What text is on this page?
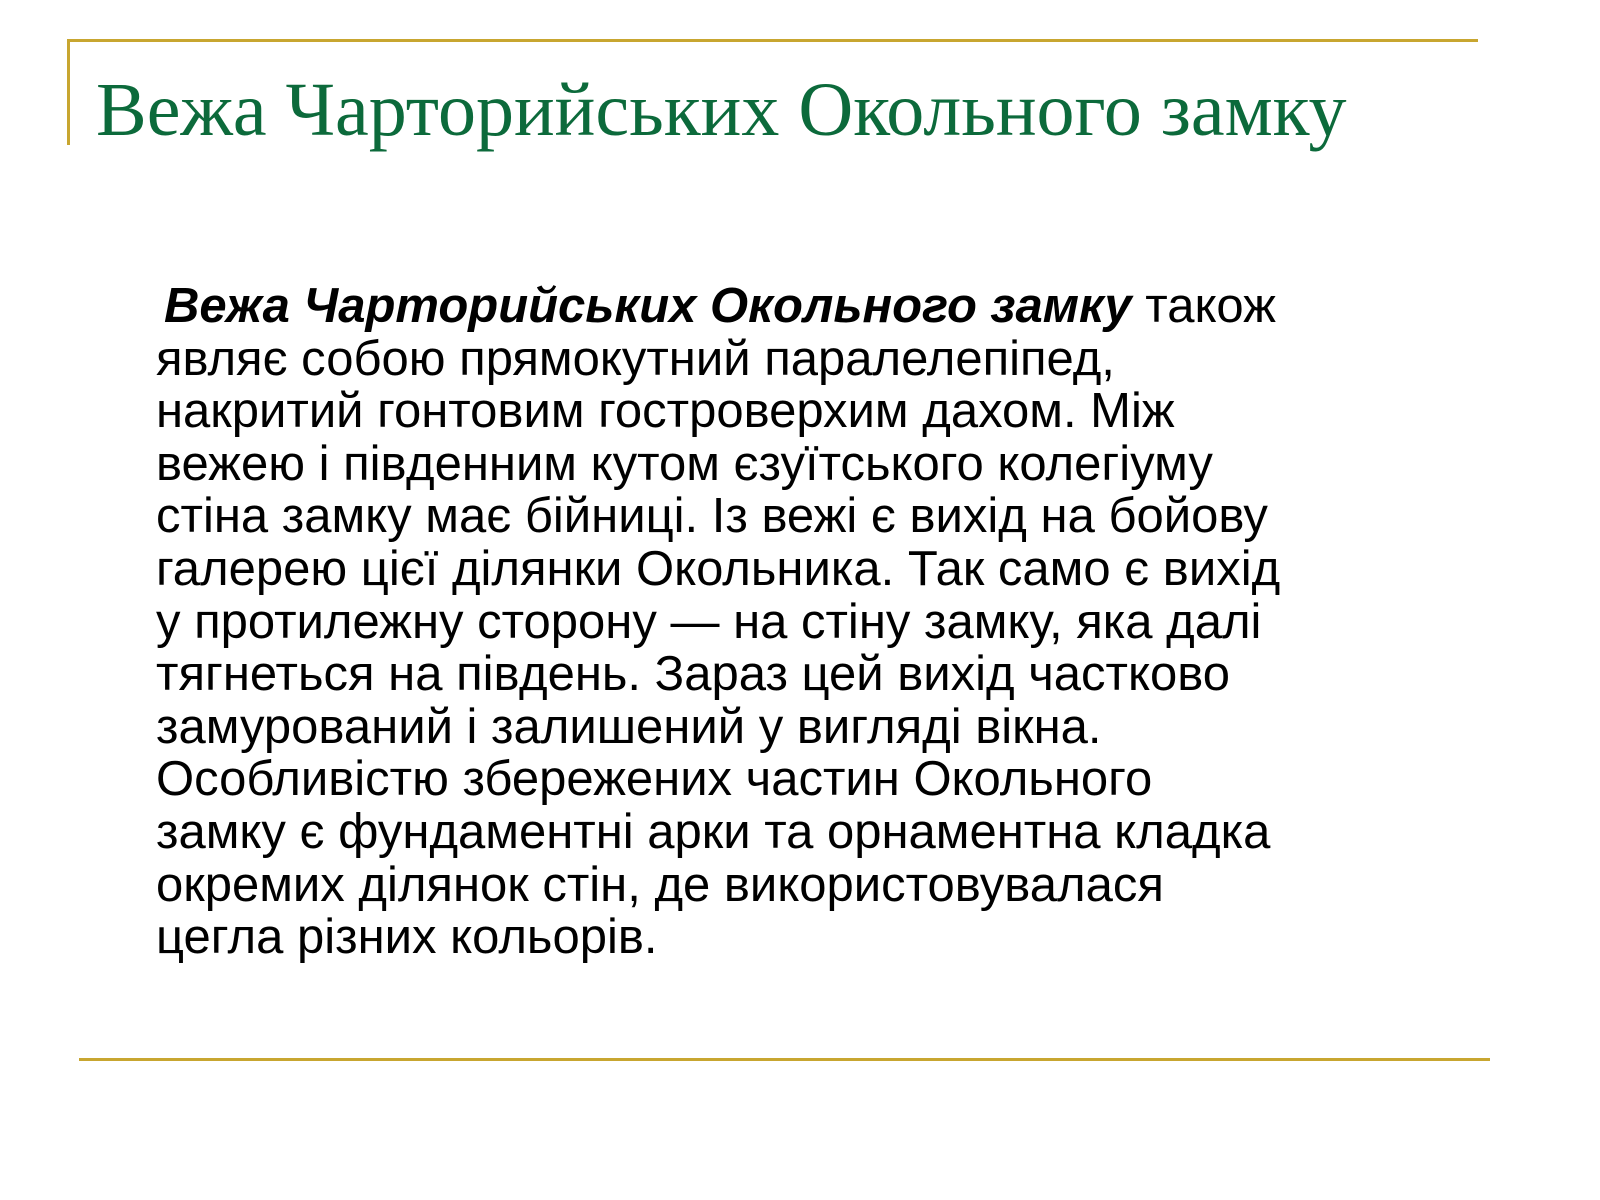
Вежа Чарторийських Окольного замку

Вежа Чарторийських Окольного замку також
являє собою прямокутний паралелепіпед,
накритий гонтовим гостроверхим дахом. Між
вежею і південним кутом єзуїтського колегіуму
стіна замку має бійниці. Із вежі є вихід на бойову
галерею цієї ділянки Окольника. Так само є вихід
у протилежну сторону — на стіну замку, яка далі
тягнеться на південь. Зараз цей вихід частково
замурований і залишений у вигляді вікна.
Особливістю збережених частин Окольного
замку є фундаментні арки та орнаментна кладка
окремих ділянок стін, де використовувалася
цегла різних кольорів.
